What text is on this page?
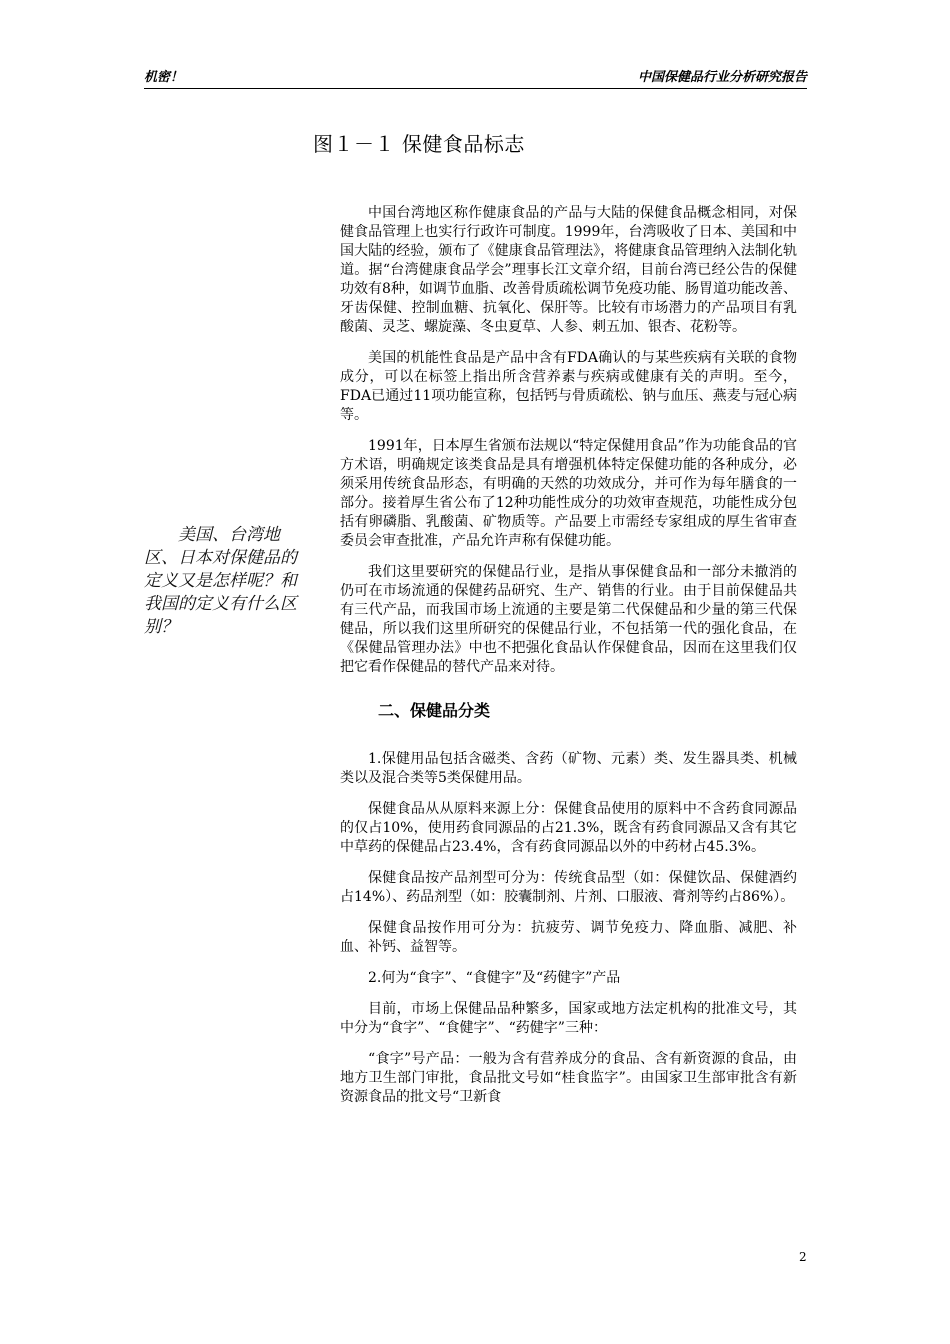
机密！	中国保健品行业分析研究报告
图１－１ 保健食品标志
美国、台湾地
区、日本对保健品的
定义又是怎样呢？和
我国的定义有什么区
别？

中国台湾地区称作健康食品的产品与大陆的保健食品概念相同，对保健食品管理上也实行行政许可制度。1999年，台湾吸收了日本、美国和中国大陆的经验，颁布了《健康食品管理法》，将健康食品管理纳入法制化轨道。据“台湾健康食品学会”理事长江文章介绍，目前台湾已经公告的保健功效有8种，如调节血脂、改善骨质疏松调节免疫功能、肠胃道功能改善、牙齿保健、控制血糖、抗氧化、保肝等。比较有市场潜力的产品项目有乳酸菌、灵芝、螺旋藻、冬虫夏草、人参、刺五加、银杏、花粉等。

美国的机能性食品是产品中含有FDA确认的与某些疾病有关联的食物成分，可以在标签上指出所含营养素与疾病或健康有关的声明。至今，FDA已通过11项功能宣称，包括钙与骨质疏松、钠与血压、燕麦与冠心病等。

1991年，日本厚生省颁布法规以“特定保健用食品”作为功能食品的官方术语，明确规定该类食品是具有增强机体特定保健功能的各种成分，必须采用传统食品形态，有明确的天然的功效成分，并可作为每年膳食的一部分。接着厚生省公布了12种功能性成分的功效审查规范，功能性成分包括有卵磷脂、乳酸菌、矿物质等。产品要上市需经专家组成的厚生省审查委员会审查批准，产品允许声称有保健功能。

我们这里要研究的保健品行业，是指从事保健食品和一部分未撤消的仍可在市场流通的保健药品研究、生产、销售的行业。由于目前保健品共有三代产品，而我国市场上流通的主要是第二代保健品和少量的第三代保健品，所以我们这里所研究的保健品行业，不包括第一代的强化食品，在《保健品管理办法》中也不把强化食品认作保健食品，因而在这里我们仅把它看作保健品的替代产品来对待。

二、保健品分类

1.保健用品包括含磁类、含药（矿物、元素）类、发生器具类、机械类以及混合类等5类保健用品。

保健食品从从原料来源上分：保健食品使用的原料中不含药食同源品的仅占10%，使用药食同源品的占21.3%，既含有药食同源品又含有其它中草药的保健品占23.4%，含有药食同源品以外的中药材占45.3%。

保健食品按产品剂型可分为：传统食品型（如：保健饮品、保健酒约占14%）、药品剂型（如：胶囊制剂、片剂、口服液、膏剂等约占86%）。

保健食品按作用可分为：抗疲劳、调节免疫力、降血脂、减肥、补血、补钙、益智等。

2.何为“食字”、“食健字”及“药健字”产品

目前，市场上保健品品种繁多，国家或地方法定机构的批准文号，其中分为“食字”、“食健字”、“药健字”三种：

“食字”号产品：一般为含有营养成分的食品、含有新资源的食品，由地方卫生部门审批，食品批文号如“桂食监字”。由国家卫生部审批含有新资源食品的批文号“卫新食

2
